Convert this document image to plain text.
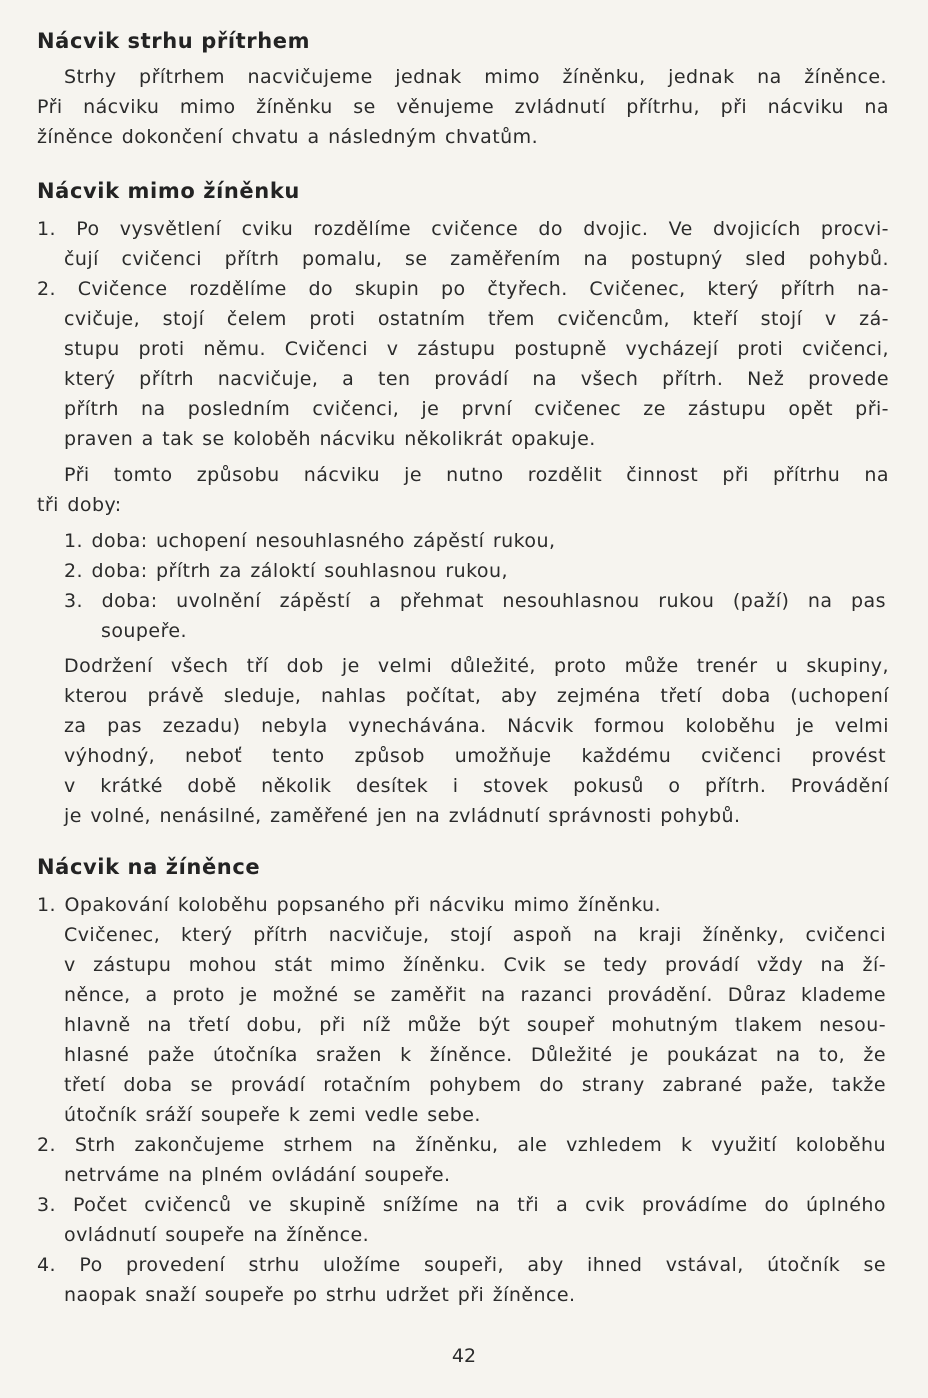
Nácvik strhu přítrhem
Strhy přítrhem nacvičujeme jednak mimo žíněnku, jednak na žíněnce.
Při nácviku mimo žíněnku se věnujeme zvládnutí přítrhu, při nácviku na
žíněnce dokončení chvatu a následným chvatům.
Nácvik mimo žíněnku
1. Po vysvětlení cviku rozdělíme cvičence do dvojic. Ve dvojicích procvi-
čují cvičenci přítrh pomalu, se zaměřením na postupný sled pohybů.
2. Cvičence rozdělíme do skupin po čtyřech. Cvičenec, který přítrh na-
cvičuje, stojí čelem proti ostatním třem cvičencům, kteří stojí v zá-
stupu proti němu. Cvičenci v zástupu postupně vycházejí proti cvičenci,
který přítrh nacvičuje, a ten provádí na všech přítrh. Než provede
přítrh na posledním cvičenci, je první cvičenec ze zástupu opět při-
praven a tak se koloběh nácviku několikrát opakuje.
Při tomto způsobu nácviku je nutno rozdělit činnost při přítrhu na
tři doby:
1. doba: uchopení nesouhlasného zápěstí rukou,
2. doba: přítrh za záloktí souhlasnou rukou,
3. doba: uvolnění zápěstí a přehmat nesouhlasnou rukou (paží) na pas
soupeře.
Dodržení všech tří dob je velmi důležité, proto může trenér u skupiny,
kterou právě sleduje, nahlas počítat, aby zejména třetí doba (uchopení
za pas zezadu) nebyla vynechávána. Nácvik formou koloběhu je velmi
výhodný, neboť tento způsob umožňuje každému cvičenci provést
v krátké době několik desítek i stovek pokusů o přítrh. Provádění
je volné, nenásilné, zaměřené jen na zvládnutí správnosti pohybů.
Nácvik na žíněnce
1. Opakování koloběhu popsaného při nácviku mimo žíněnku.
Cvičenec, který přítrh nacvičuje, stojí aspoň na kraji žíněnky, cvičenci
v zástupu mohou stát mimo žíněnku. Cvik se tedy provádí vždy na ží-
něnce, a proto je možné se zaměřit na razanci provádění. Důraz klademe
hlavně na třetí dobu, při níž může být soupeř mohutným tlakem nesou-
hlasné paže útočníka sražen k žíněnce. Důležité je poukázat na to, že
třetí doba se provádí rotačním pohybem do strany zabrané paže, takže
útočník sráží soupeře k zemi vedle sebe.
2. Strh zakončujeme strhem na žíněnku, ale vzhledem k využití koloběhu
netrváme na plném ovládání soupeře.
3. Počet cvičenců ve skupině snížíme na tři a cvik provádíme do úplného
ovládnutí soupeře na žíněnce.
4. Po provedení strhu uložíme soupeři, aby ihned vstával, útočník se
naopak snaží soupeře po strhu udržet při žíněnce.
42
